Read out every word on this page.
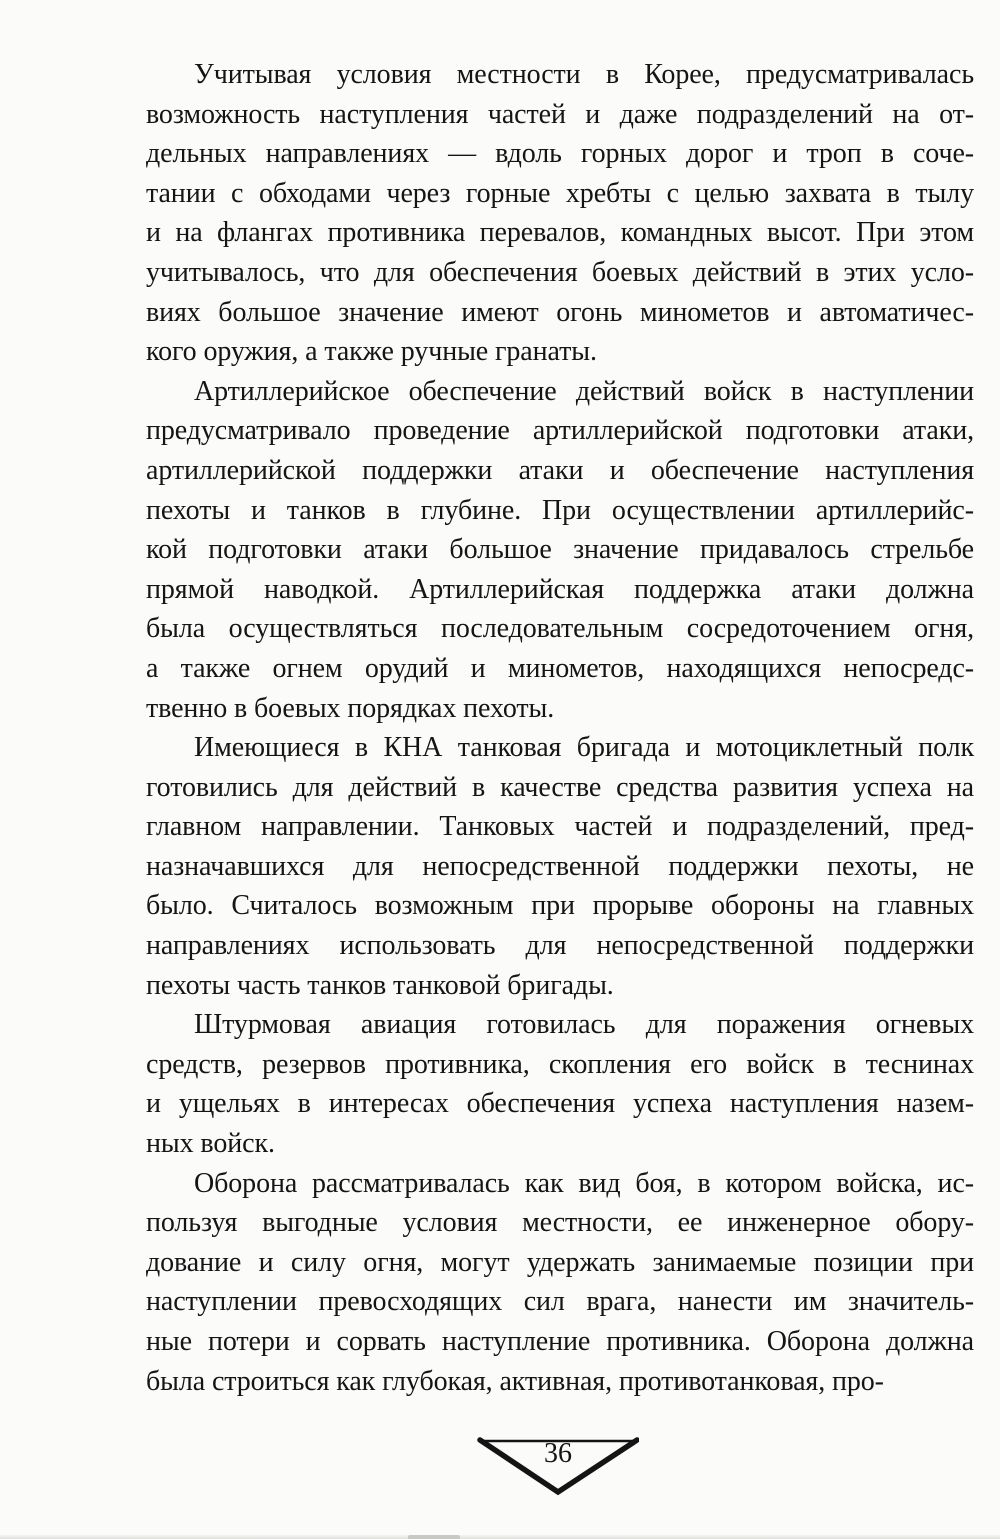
Учитывая условия местности в Корее, предусматривалась
возможность наступления частей и даже подразделений на от-
дельных направлениях — вдоль горных дорог и троп в соче-
тании с обходами через горные хребты с целью захвата в тылу
и на флангах противника перевалов, командных высот. При этом
учитывалось, что для обеспечения боевых действий в этих усло-
виях большое значение имеют огонь минометов и автоматичес-
кого оружия, а также ручные гранаты.
Артиллерийское обеспечение действий войск в наступлении
предусматривало проведение артиллерийской подготовки атаки,
артиллерийской поддержки атаки и обеспечение наступления
пехоты и танков в глубине. При осуществлении артиллерийс-
кой подготовки атаки большое значение придавалось стрельбе
прямой наводкой. Артиллерийская поддержка атаки должна
была осуществляться последовательным сосредоточением огня,
а также огнем орудий и минометов, находящихся непосредс-
твенно в боевых порядках пехоты.
Имеющиеся в КНА танковая бригада и мотоциклетный полк
готовились для действий в качестве средства развития успеха на
главном направлении. Танковых частей и подразделений, пред-
назначавшихся для непосредственной поддержки пехоты, не
было. Считалось возможным при прорыве обороны на главных
направлениях использовать для непосредственной поддержки
пехоты часть танков танковой бригады.
Штурмовая авиация готовилась для поражения огневых
средств, резервов противника, скопления его войск в теснинах
и ущельях в интересах обеспечения успеха наступления назем-
ных войск.
Оборона рассматривалась как вид боя, в котором войска, ис-
пользуя выгодные условия местности, ее инженерное обору-
дование и силу огня, могут удержать занимаемые позиции при
наступлении превосходящих сил врага, нанести им значитель-
ные потери и сорвать наступление противника. Оборона должна
была строиться как глубокая, активная, противотанковая, про-
36
